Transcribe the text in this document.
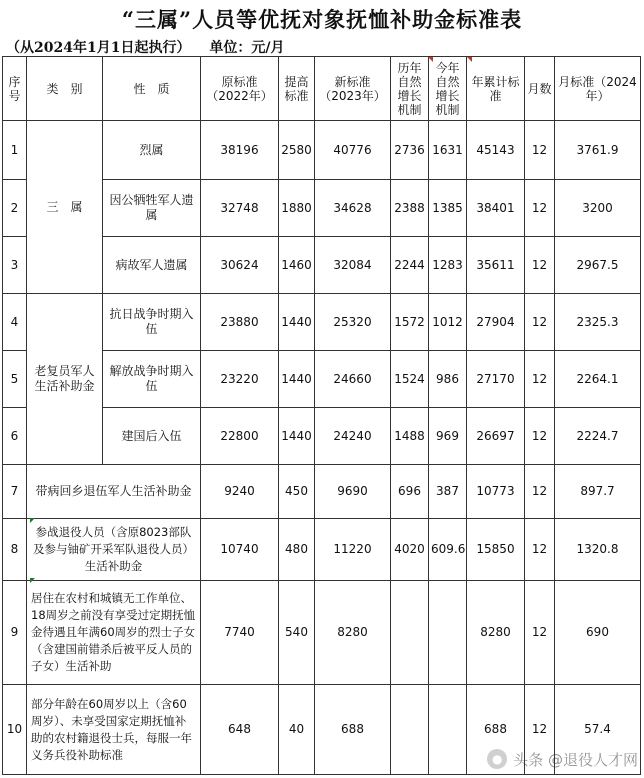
“三属”人员等优抚对象抚恤补助金标准表
（从2024年1月1日起执行） 单位：元/月
序号	类　别	性　质	原标准（2022年）	提高标准	新标准（2023年）	历年自然增长机制	今年自然增长机制	年累计标准	月数	月标准（2024年）
1	三　属	烈属	38196	2580	40776	2736	1631	45143	12	3761.9
2		因公牺牲军人遗属	32748	1880	34628	2388	1385	38401	12	3200
3		病故军人遗属	30624	1460	32084	2244	1283	35611	12	2967.5
4	老复员军人生活补助金	抗日战争时期入伍	23880	1440	25320	1572	1012	27904	12	2325.3
5		解放战争时期入伍	23220	1440	24660	1524	986	27170	12	2264.1
6		建国后入伍	22800	1440	24240	1488	969	26697	12	2224.7
7	带病回乡退伍军人生活补助金		9240	450	9690	696	387	10773	12	897.7
8	参战退役人员（含原8023部队及参与铀矿开采军队退役人员）生活补助金		10740	480	11220	4020	609.6	15850	12	1320.8
9	居住在农村和城镇无工作单位、18周岁之前没有享受过定期抚恤金待遇且年满60周岁的烈士子女（含建国前错杀后被平反人员的子女）生活补助		7740	540	8280			8280	12	690
10	部分年龄在60周岁以上（含60周岁）、未享受国家定期抚恤补助的农村籍退役士兵，每服一年义务兵役补助标准		648	40	688			688	12	57.4
● 头条 @退役人才网
